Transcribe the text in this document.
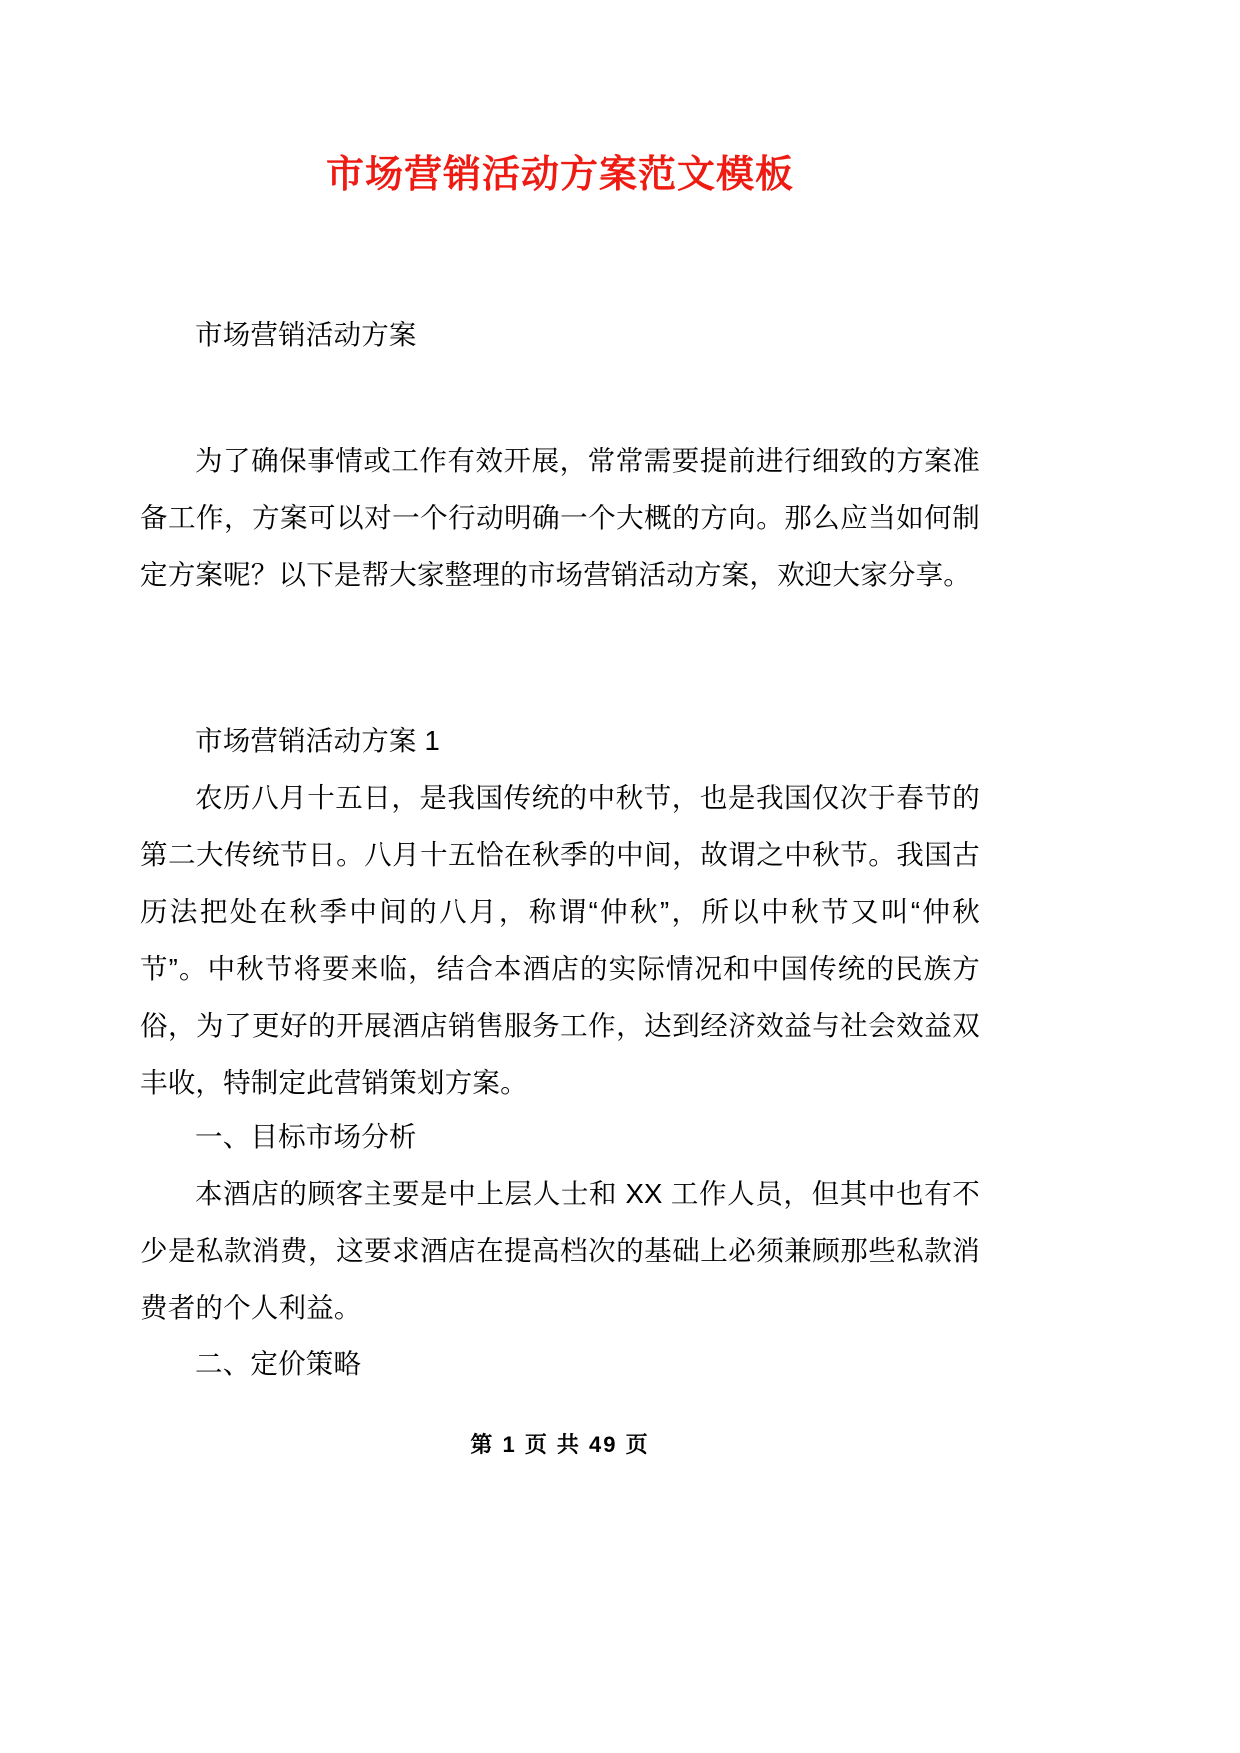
市场营销活动方案范文模板

市场营销活动方案

为了确保事情或工作有效开展，常常需要提前进行细致的方案准备工作，方案可以对一个行动明确一个大概的方向。那么应当如何制定方案呢？以下是帮大家整理的市场营销活动方案，欢迎大家分享。

市场营销活动方案 1

农历八月十五日，是我国传统的中秋节，也是我国仅次于春节的第二大传统节日。八月十五恰在秋季的中间，故谓之中秋节。我国古历法把处在秋季中间的八月，称谓“仲秋”，所以中秋节又叫“仲秋节”。中秋节将要来临，结合本酒店的实际情况和中国传统的民族方俗，为了更好的开展酒店销售服务工作，达到经济效益与社会效益双丰收，特制定此营销策划方案。

一、目标市场分析

本酒店的顾客主要是中上层人士和 XX 工作人员，但其中也有不少是私款消费，这要求酒店在提高档次的基础上必须兼顾那些私款消费者的个人利益。

二、定价策略

第 1 页 共 49 页
